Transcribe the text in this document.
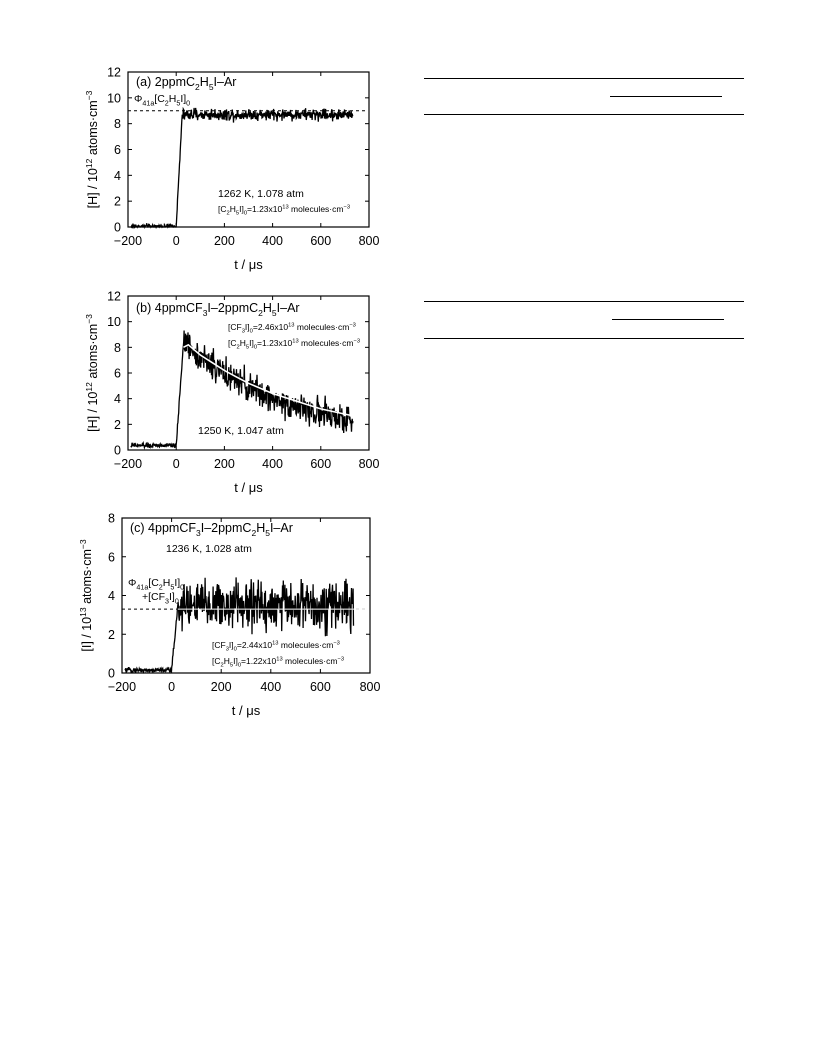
−200 0	200 400 600 800
0
2
4
6
8
10
12
t / μs
$[H] / 10^{12}$ $atoms\cdot cm^{-3}$
(a) $2ppmC_2H_5I-Ar$
$\Phi_{41a}[C_2H_5I]_0$
1262 K, 1.078 atm
$[C_2H_5I]_0=1.23x10^{13}$ $molecules\cdot cm^{-3}$
−200 0	200 400 600 800
0
2
4
6
8
10
12
t / μs
$[H] / 10^{12}$ $atoms\cdot cm^{-3}$
(b) $4ppmCF_3I-2ppmC_2H_5I-Ar$
1250 K, 1.047 atm
$[CF_3I]_0=2.46x10^{13}$ $molecules\cdot cm^{-3}$
$[C_2H_5I]_0=1.23x10^{13}$ $molecules\cdot cm^{-3}$
−200	0	200 400 600 800
0
2
4
6
8
t / μs
$[I] / 10^{13}$ $atoms\cdot cm^{-3}$
(c) $4ppmCF_3I-2ppmC_2H_5I-Ar$
$\Phi_{41a}[C_2H_5I]_0$
$+[CF_3I]_0$
1236 K, 1.028 atm
$[CF_3I]_0=2.44x10^{13}$ $molecules\cdot cm^{-3}$
$[C_2H_5I]_0=1.22x10^{13}$ $molecules\cdot cm^{-3}$
